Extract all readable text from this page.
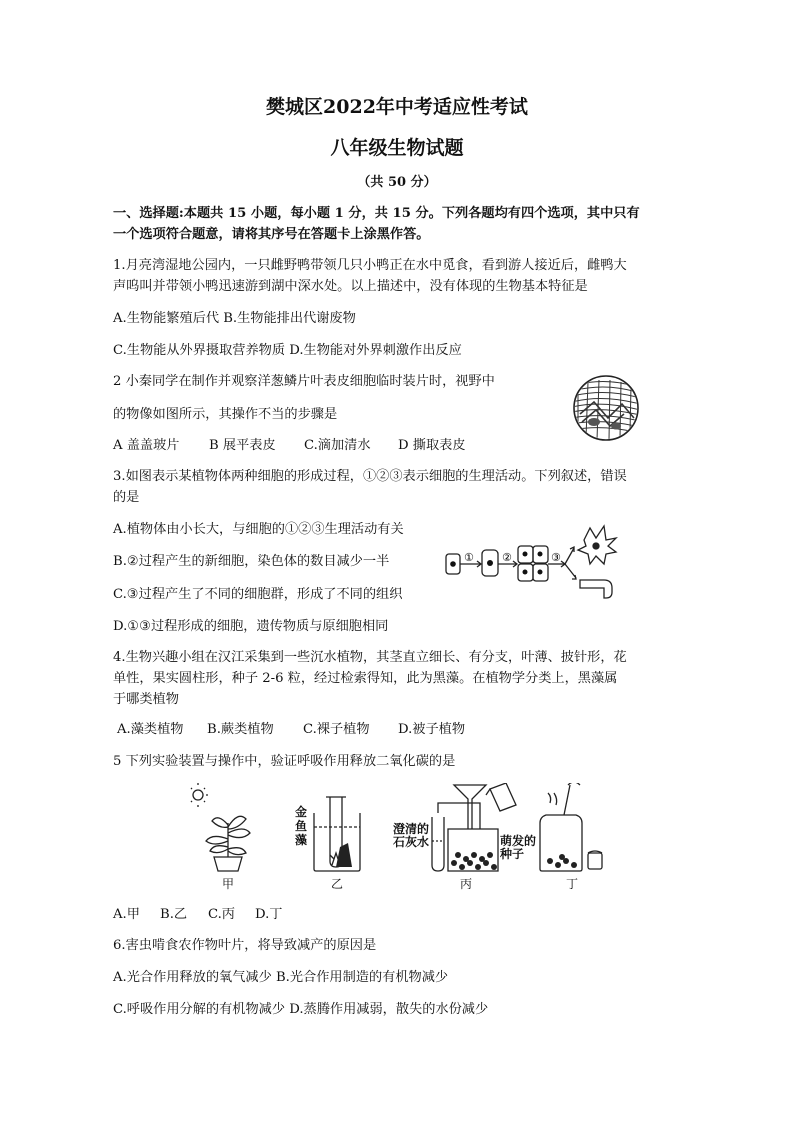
樊城区2022年中考适应性考试
八年级生物试题
（共 50 分）
一、选择题:本题共 15 小题，每小题 1 分，共 15 分。下列各题均有四个选项，其中只有
一个选项符合题意，请将其序号在答题卡上涂黑作答。
1.月亮湾湿地公园内，一只雌野鸭带领几只小鸭正在水中觅食，看到游人接近后，雌鸭大
声呜叫并带领小鸭迅速游到湖中深水处。以上描述中，没有体现的生物基本特征是
A.生物能繁殖后代 B.生物能排出代谢废物
C.生物能从外界摄取营养物质 D.生物能对外界刺激作出反应
2 小秦同学在制作并观察洋葱鳞片叶表皮细胞临时装片时，视野中
的物像如图所示，其操作不当的步骤是
A 盖盖玻片 B 展平表皮 C.滴加清水 D 撕取表皮
3.如图表示某植物体两种细胞的形成过程，①②③表示细胞的生理活动。下列叙述，错误
的是
A.植物体由小长大，与细胞的①②③生理活动有关
B.②过程产生的新细胞，染色体的数目减少一半
C.③过程产生了不同的细胞群，形成了不同的组织
D.①③过程形成的细胞，遗传物质与原细胞相同
①	②	③
4.生物兴趣小组在汉江采集到一些沉水植物，其茎直立细长、有分支，叶薄、披针形，花
单性，果实圆柱形，种子 2-6 粒，经过检索得知，此为黑藻。在植物学分类上，黑藻属
于哪类植物
A.藻类植物 B.蕨类植物 C.裸子植物 D.被子植物
5 下列实验装置与操作中，验证呼吸作用释放二氧化碳的是
金鱼藻
澄清的石灰水	萌发的种子
甲	乙	丙	丁
A.甲 B.乙 C.丙 D.丁
6.害虫啃食农作物叶片，将导致减产的原因是
A.光合作用释放的氧气减少 B.光合作用制造的有机物减少
C.呼吸作用分解的有机物减少 D.蒸腾作用减弱，散失的水份减少
